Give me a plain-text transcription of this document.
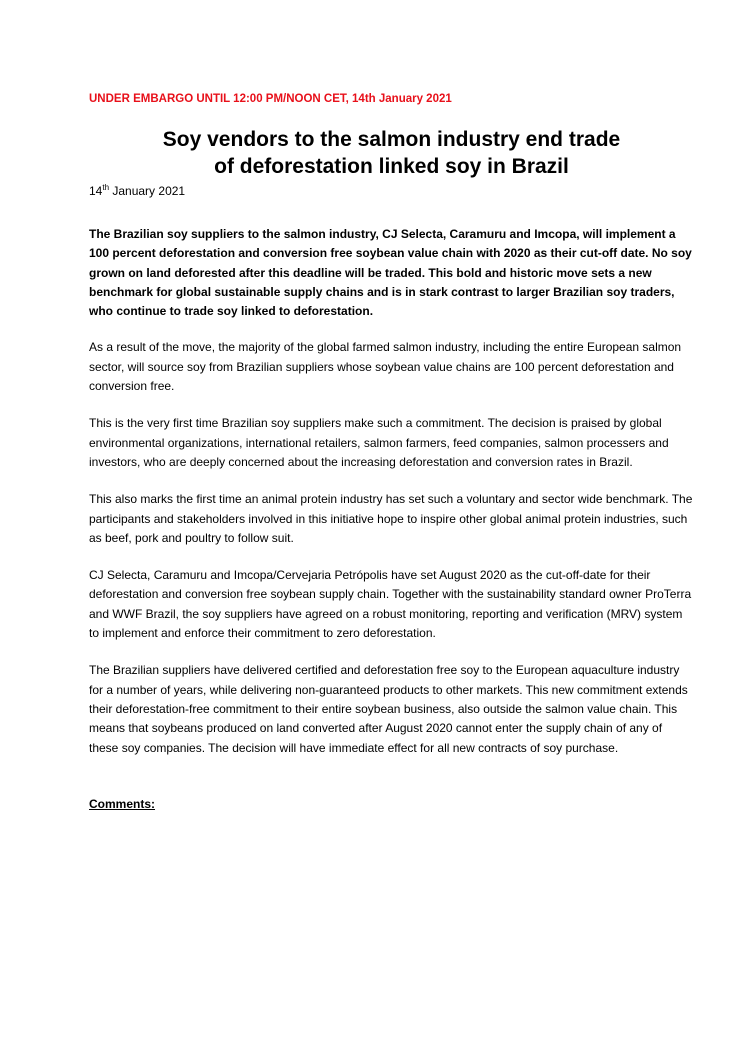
UNDER EMBARGO UNTIL 12:00 PM/NOON CET, 14th January 2021

Soy vendors to the salmon industry end trade
of deforestation linked soy in Brazil

14th January 2021

The Brazilian soy suppliers to the salmon industry, CJ Selecta, Caramuru and Imcopa, will implement a 100 percent deforestation and conversion free soybean value chain with 2020 as their cut-off date. No soy grown on land deforested after this deadline will be traded. This bold and historic move sets a new benchmark for global sustainable supply chains and is in stark contrast to larger Brazilian soy traders, who continue to trade soy linked to deforestation.

As a result of the move, the majority of the global farmed salmon industry, including the entire European salmon sector, will source soy from Brazilian suppliers whose soybean value chains are 100 percent deforestation and conversion free.

This is the very first time Brazilian soy suppliers make such a commitment. The decision is praised by global environmental organizations, international retailers, salmon farmers, feed companies, salmon processers and investors, who are deeply concerned about the increasing deforestation and conversion rates in Brazil.

This also marks the first time an animal protein industry has set such a voluntary and sector wide benchmark. The participants and stakeholders involved in this initiative hope to inspire other global animal protein industries, such as beef, pork and poultry to follow suit.

CJ Selecta, Caramuru and Imcopa/Cervejaria Petrópolis have set August 2020 as the cut-off-date for their deforestation and conversion free soybean supply chain. Together with the sustainability standard owner ProTerra and WWF Brazil, the soy suppliers have agreed on a robust monitoring, reporting and verification (MRV) system to implement and enforce their commitment to zero deforestation.

The Brazilian suppliers have delivered certified and deforestation free soy to the European aquaculture industry for a number of years, while delivering non-guaranteed products to other markets. This new commitment extends their deforestation-free commitment to their entire soybean business, also outside the salmon value chain. This means that soybeans produced on land converted after August 2020 cannot enter the supply chain of any of these soy companies. The decision will have immediate effect for all new contracts of soy purchase.

Comments:
